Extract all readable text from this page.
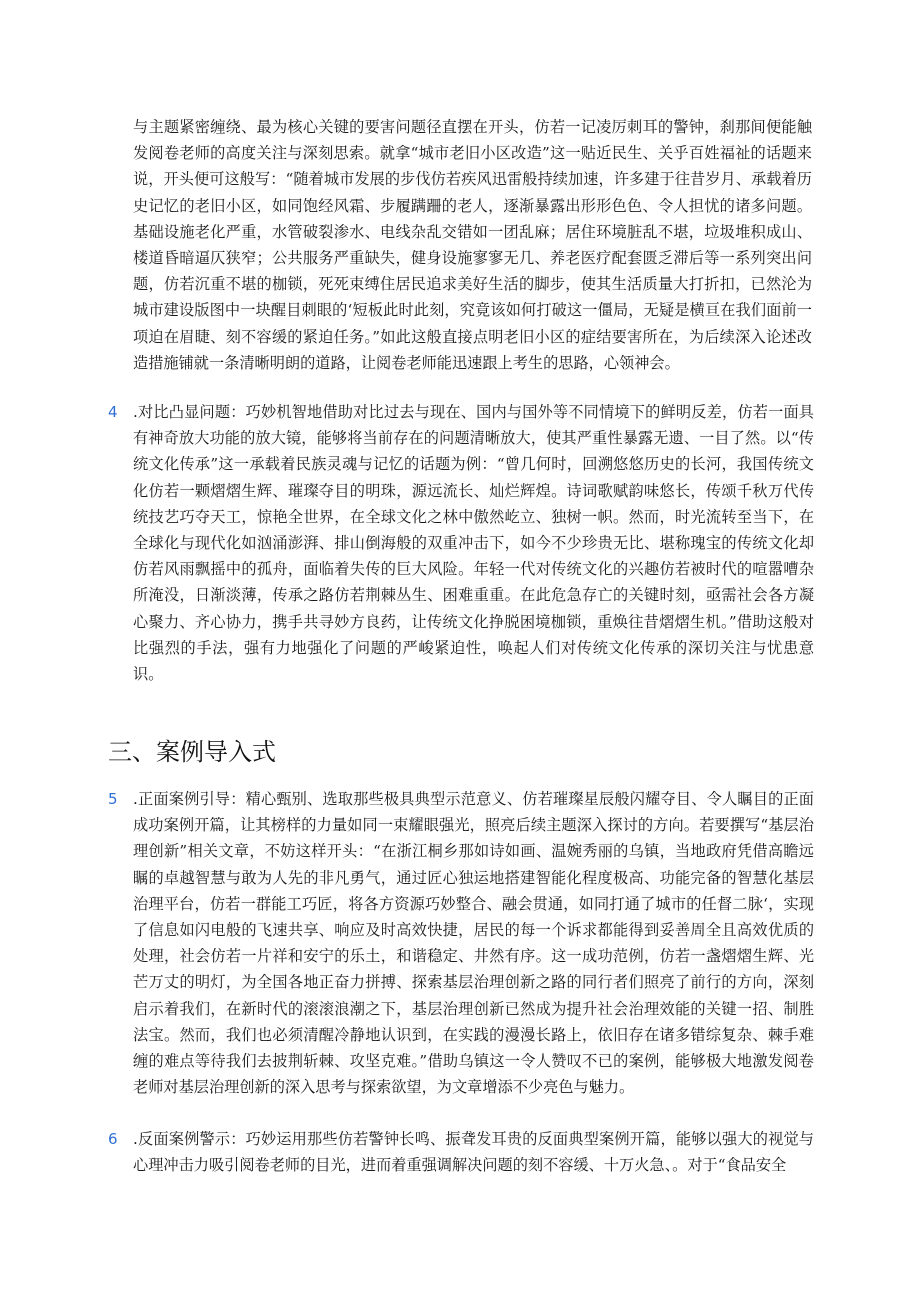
与主题紧密缠绕、最为核心关键的要害问题径直摆在开头，仿若一记凌厉刺耳的警钟，刹那间便能触发阅卷老师的高度关注与深刻思索。就拿“城市老旧小区改造”这一贴近民生、关乎百姓福祉的话题来说，开头便可这般写：“随着城市发展的步伐仿若疾风迅雷般持续加速，许多建于往昔岁月、承载着历史记忆的老旧小区，如同饱经风霜、步履蹒跚的老人，逐渐暴露出形形色色、令人担忧的诸多问题。基础设施老化严重，水管破裂渗水、电线杂乱交错如一团乱麻；居住环境脏乱不堪，垃圾堆积成山、楼道昏暗逼仄狭窄；公共服务严重缺失，健身设施寥寥无几、养老医疗配套匮乏滞后等一系列突出问题，仿若沉重不堪的枷锁，死死束缚住居民追求美好生活的脚步，使其生活质量大打折扣，已然沦为城市建设版图中一块醒目刺眼的‘短板此时此刻，究竟该如何打破这一僵局，无疑是横亘在我们面前一项迫在眉睫、刻不容缓的紧迫任务。”如此这般直接点明老旧小区的症结要害所在，为后续深入论述改造措施铺就一条清晰明朗的道路，让阅卷老师能迅速跟上考生的思路，心领神会。

4 .对比凸显问题：巧妙机智地借助对比过去与现在、国内与国外等不同情境下的鲜明反差，仿若一面具有神奇放大功能的放大镜，能够将当前存在的问题清晰放大，使其严重性暴露无遗、一目了然。以“传统文化传承”这一承载着民族灵魂与记忆的话题为例：“曾几何时，回溯悠悠历史的长河，我国传统文化仿若一颗熠熠生辉、璀璨夺目的明珠，源远流长、灿烂辉煌。诗词歌赋韵味悠长，传颂千秋万代传统技艺巧夺天工，惊艳全世界，在全球文化之林中傲然屹立、独树一帜。然而，时光流转至当下，在全球化与现代化如汹涌澎湃、排山倒海般的双重冲击下，如今不少珍贵无比、堪称瑰宝的传统文化却仿若风雨飘摇中的孤舟，面临着失传的巨大风险。年轻一代对传统文化的兴趣仿若被时代的喧嚣嘈杂所淹没，日渐淡薄，传承之路仿若荆棘丛生、困难重重。在此危急存亡的关键时刻，亟需社会各方凝心聚力、齐心协力，携手共寻妙方良药，让传统文化挣脱困境枷锁，重焕往昔熠熠生机。”借助这般对比强烈的手法，强有力地强化了问题的严峻紧迫性，唤起人们对传统文化传承的深切关注与忧患意识。

三、案例导入式
5 .正面案例引导：精心甄别、选取那些极具典型示范意义、仿若璀璨星辰般闪耀夺目、令人瞩目的正面成功案例开篇，让其榜样的力量如同一束耀眼强光，照亮后续主题深入探讨的方向。若要撰写“基层治理创新”相关文章，不妨这样开头：“在浙江桐乡那如诗如画、温婉秀丽的乌镇，当地政府凭借高瞻远瞩的卓越智慧与敢为人先的非凡勇气，通过匠心独运地搭建智能化程度极高、功能完备的智慧化基层治理平台，仿若一群能工巧匠，将各方资源巧妙整合、融会贯通，如同打通了城市的任督二脉‘，实现了信息如闪电般的飞速共享、响应及时高效快捷，居民的每一个诉求都能得到妥善周全且高效优质的处理，社会仿若一片祥和安宁的乐土，和谐稳定、井然有序。这一成功范例，仿若一盏熠熠生辉、光芒万丈的明灯，为全国各地正奋力拼搏、探索基层治理创新之路的同行者们照亮了前行的方向，深刻启示着我们，在新时代的滚滚浪潮之下，基层治理创新已然成为提升社会治理效能的关键一招、制胜法宝。然而，我们也必须清醒冷静地认识到，在实践的漫漫长路上，依旧存在诸多错综复杂、棘手难缠的难点等待我们去披荆斩棘、攻坚克难。”借助乌镇这一令人赞叹不已的案例，能够极大地激发阅卷老师对基层治理创新的深入思考与探索欲望，为文章增添不少亮色与魅力。

6 .反面案例警示：巧妙运用那些仿若警钟长鸣、振聋发耳贵的反面典型案例开篇，能够以强大的视觉与心理冲击力吸引阅卷老师的目光，进而着重强调解决问题的刻不容缓、十万火急、。对于“食品安全
